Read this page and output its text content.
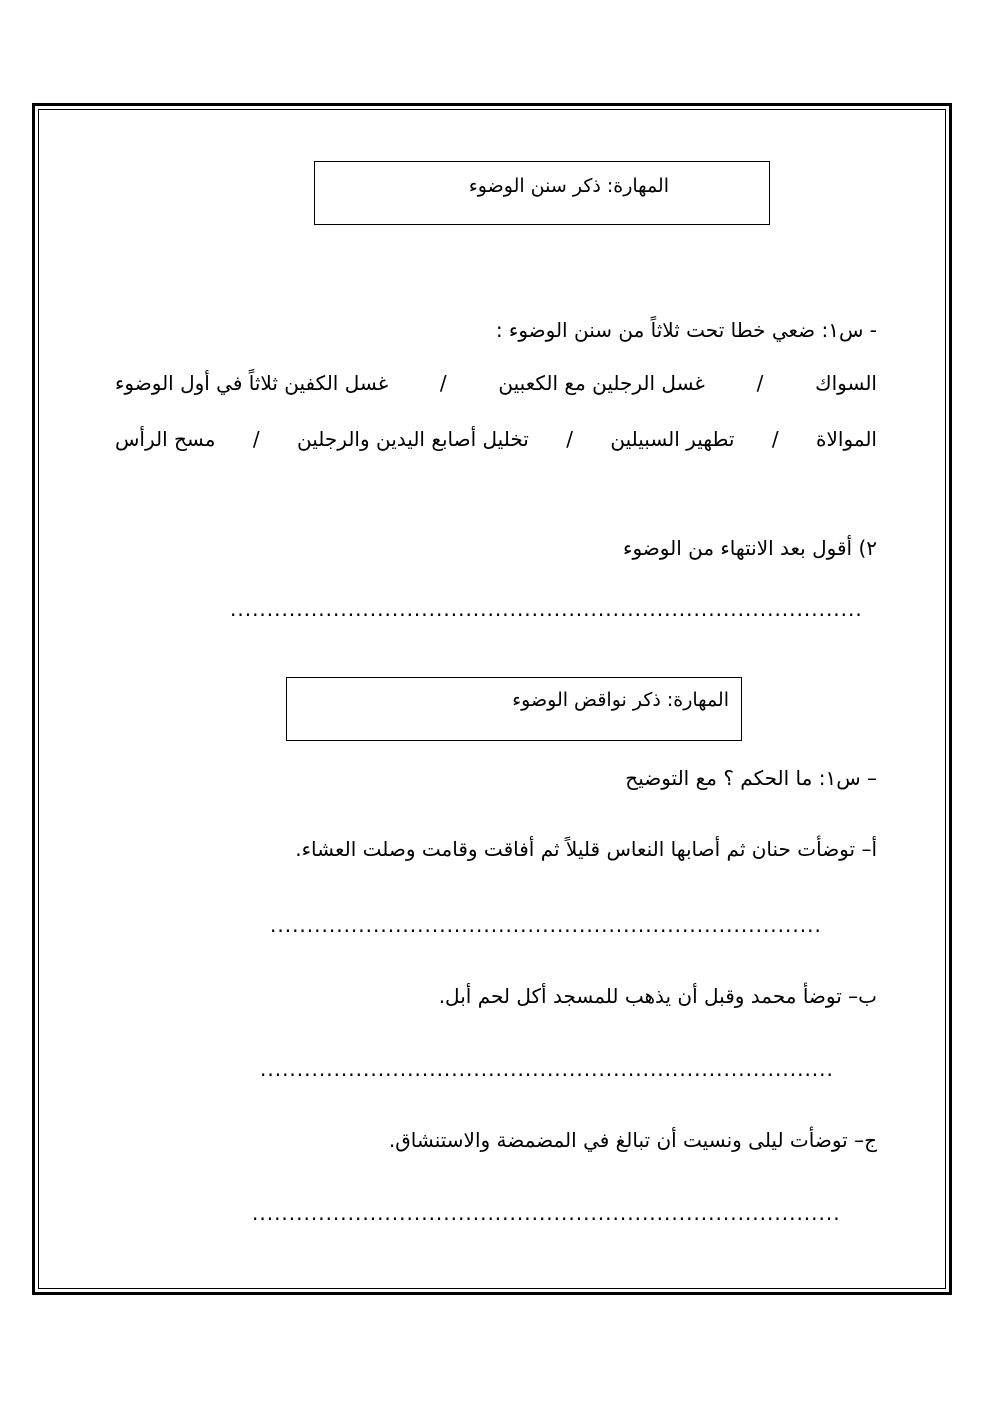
المهارة: ذكر سنن الوضوء
- س١: ضعي خطا تحت ثلاثاً من سنن الوضوء :
السواك
/
غسل الرجلين مع الكعبين
/
غسل الكفين ثلاثاً في أول الوضوء
الموالاة
/
تطهير السبيلين
/
تخليل أصابع اليدين والرجلين
/
مسح الرأس
٢) أقول بعد الانتهاء من الوضوء
......................................................................................
المهارة: ذكر نواقض الوضوء
– س١: ما الحكم ؟ مع التوضيح
أ– توضأت حنان ثم أصابها النعاس قليلاً ثم أفاقت وقامت وصلت العشاء.
...........................................................................
ب– توضأ محمد وقبل أن يذهب للمسجد أكل لحم أبل.
..............................................................................
ج– توضأت ليلى ونسيت أن تبالغ في المضمضة والاستنشاق.
................................................................................
